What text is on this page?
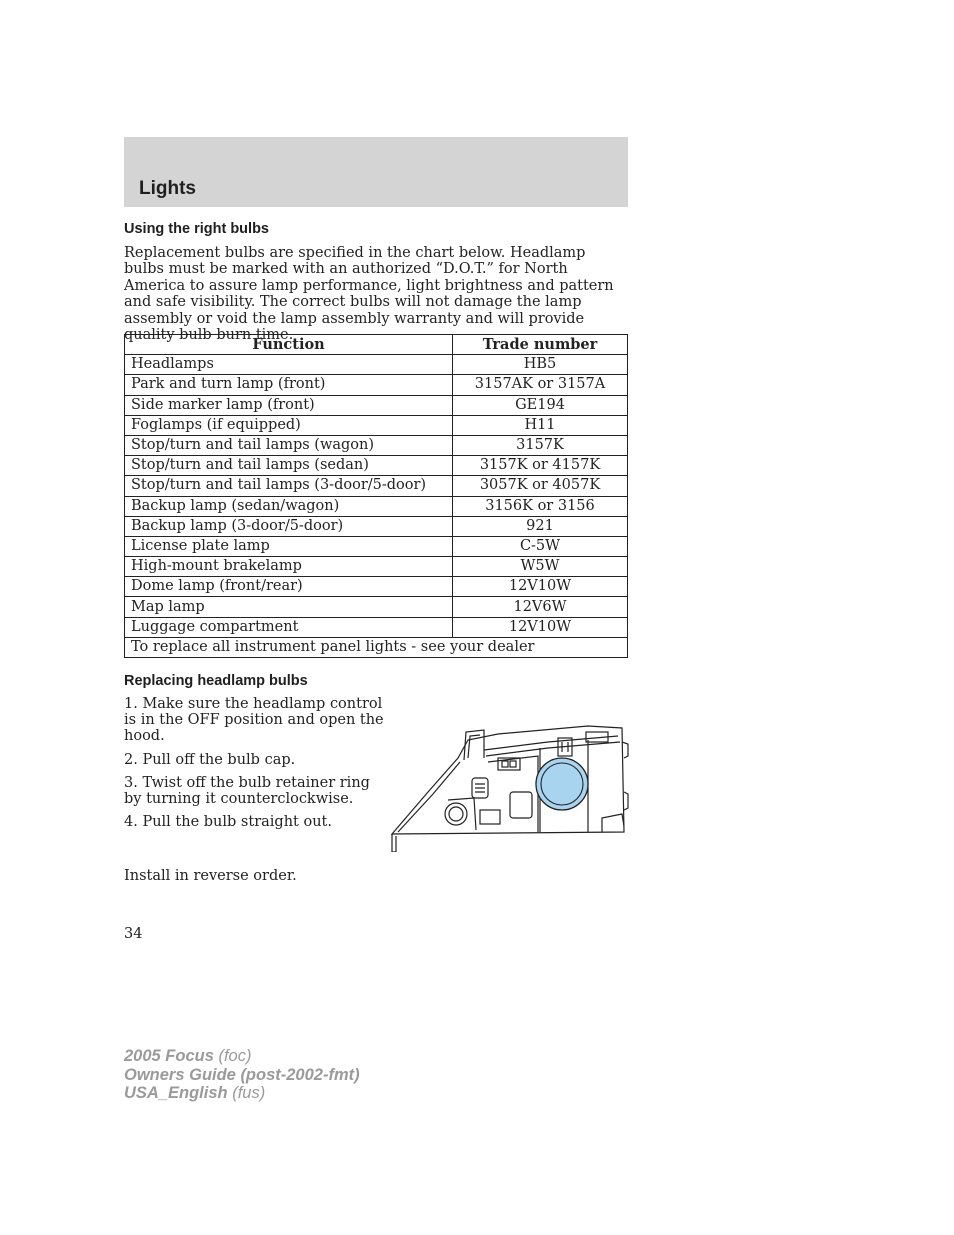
Lights
Using the right bulbs
Replacement bulbs are specified in the chart below. Headlamp bulbs must be marked with an authorized “D.O.T.” for North America to assure lamp performance, light brightness and pattern and safe visibility. The correct bulbs will not damage the lamp assembly or void the lamp assembly warranty and will provide quality bulb burn time.
Function	Trade number
Headlamps	HB5
Park and turn lamp (front)	3157AK or 3157A
Side marker lamp (front)	GE194
Foglamps (if equipped)	H11
Stop/turn and tail lamps (wagon)	3157K
Stop/turn and tail lamps (sedan)	3157K or 4157K
Stop/turn and tail lamps (3-door/5-door)	3057K or 4057K
Backup lamp (sedan/wagon)	3156K or 3156
Backup lamp (3-door/5-door)	921
License plate lamp	C-5W
High-mount brakelamp	W5W
Dome lamp (front/rear)	12V10W
Map lamp	12V6W
Luggage compartment	12V10W
To replace all instrument panel lights - see your dealer	
Replacing headlamp bulbs

1. Make sure the headlamp control is in the OFF position and open the hood.

2. Pull off the bulb cap.

3. Twist off the bulb retainer ring by turning it counterclockwise.

4. Pull the bulb straight out.

Install in reverse order.
34
2005 Focus (foc)
Owners Guide (post-2002-fmt)
USA_English (fus)
